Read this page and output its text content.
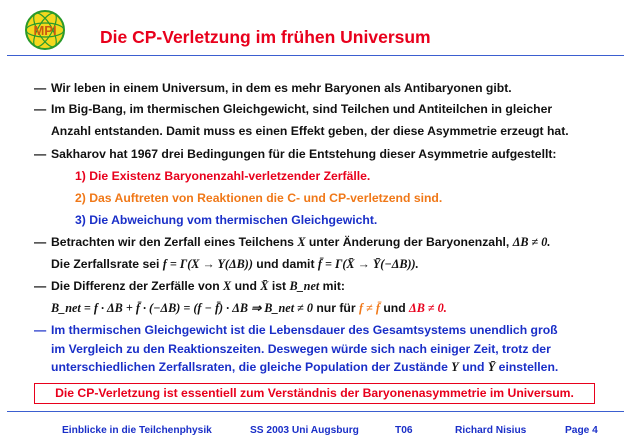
MPI Die CP-Verletzung im frühen Universum
— Wir leben in einem Universum, in dem es mehr Baryonen als Antibaryonen gibt.
— Im Big-Bang, im thermischen Gleichgewicht, sind Teilchen und Antiteilchen in gleicher
Anzahl entstanden. Damit muss es einen Effekt geben, der diese Asymmetrie erzeugt hat.
— Sakharov hat 1967 drei Bedingungen für die Entstehung dieser Asymmetrie aufgestellt:
1) Die Existenz Baryonenzahl-verletzender Zerfälle.
2) Das Auftreten von Reaktionen die C- und CP-verletzend sind.
3) Die Abweichung vom thermischen Gleichgewicht.
— Betrachten wir den Zerfall eines Teilchens X unter Änderung der Baryonenzahl, ΔB ≠ 0.
Die Zerfallsrate sei f = Γ(X → Y(ΔB)) und damit f̄ = Γ(X̄ → Ȳ(−ΔB)).
— Die Differenz der Zerfälle von X und X̄ ist B_net mit:
B_net = f · ΔB + f̄ · (−ΔB) = (f − f̄) · ΔB ⇒ B_net ≠ 0 nur für f ≠ f̄ und ΔB ≠ 0.
— Im thermischen Gleichgewicht ist die Lebensdauer des Gesamtsystems unendlich groß
im Vergleich zu den Reaktionszeiten. Deswegen würde sich nach einiger Zeit, trotz der
unterschiedlichen Zerfallsraten, die gleiche Population der Zustände Y und Ȳ einstellen.
Die CP-Verletzung ist essentiell zum Verständnis der Baryonenasymmetrie im Universum.
Einblicke in die Teilchenphysik	SS 2003 Uni Augsburg	T06	Richard Nisius	Page 4
